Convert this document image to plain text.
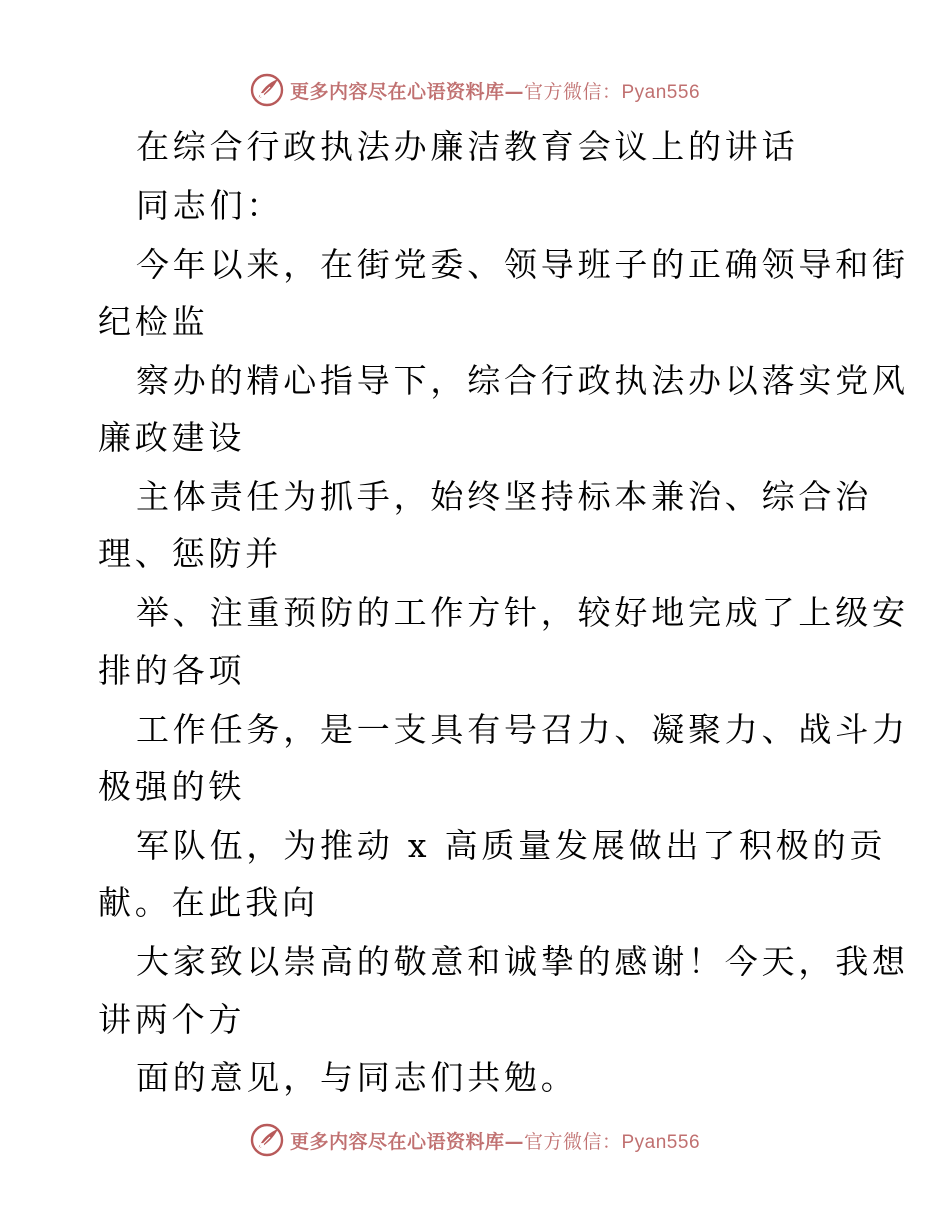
更多内容尽在心语资料库—官方微信：Pyan556
在综合行政执法办廉洁教育会议上的讲话
同志们：
今年以来，在街党委、领导班子的正确领导和街
纪检监
察办的精心指导下，综合行政执法办以落实党风
廉政建设
主体责任为抓手，始终坚持标本兼治、综合治
理、惩防并
举、注重预防的工作方针，较好地完成了上级安
排的各项
工作任务，是一支具有号召力、凝聚力、战斗力
极强的铁
军队伍，为推动 x 高质量发展做出了积极的贡
献。在此我向
大家致以崇高的敬意和诚挚的感谢！今天，我想
讲两个方
面的意见，与同志们共勉。
更多内容尽在心语资料库—官方微信：Pyan556
